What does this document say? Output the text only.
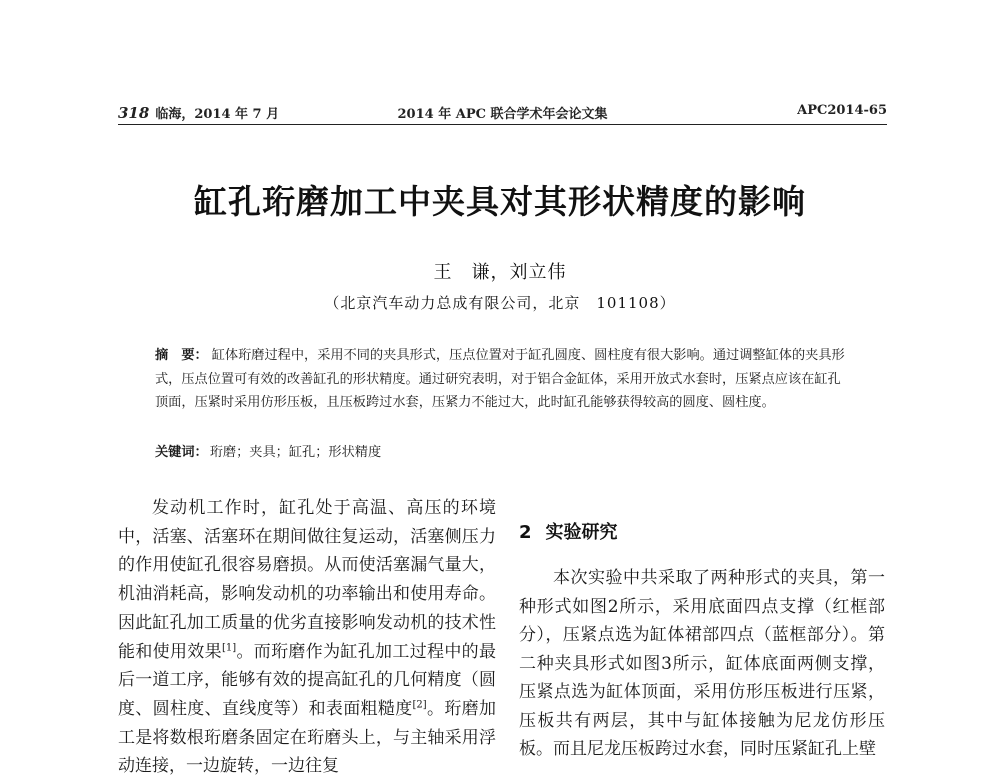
318 临海，2014 年 7 月	2014 年 APC 联合学术年会论文集	APC2014-65
缸孔珩磨加工中夹具对其形状精度的影响
王　谦，刘立伟
（北京汽车动力总成有限公司，北京　101108）
摘　要： 缸体珩磨过程中，采用不同的夹具形式，压点位置对于缸孔圆度、圆柱度有很大影响。通过调整缸体的夹具形式，压点位置可有效的改善缸孔的形状精度。通过研究表明，对于铝合金缸体，采用开放式水套时，压紧点应该在缸孔顶面，压紧时采用仿形压板，且压板跨过水套，压紧力不能过大，此时缸孔能够获得较高的圆度、圆柱度。
关键词： 珩磨；夹具；缸孔；形状精度
发动机工作时，缸孔处于高温、高压的环境中，活塞、活塞环在期间做往复运动，活塞侧压力的作用使缸孔很容易磨损。从而使活塞漏气量大，机油消耗高，影响发动机的功率输出和使用寿命。因此缸孔加工质量的优劣直接影响发动机的技术性能和使用效果[1]。而珩磨作为缸孔加工过程中的最后一道工序，能够有效的提高缸孔的几何精度（圆度、圆柱度、直线度等）和表面粗糙度[2]。珩磨加工是将数根珩磨条固定在珩磨头上，与主轴采用浮动连接，一边旋转，一边往复
2 实验研究
本次实验中共采取了两种形式的夹具，第一种形式如图2所示，采用底面四点支撑（红框部分），压紧点选为缸体裙部四点（蓝框部分）。第二种夹具形式如图3所示，缸体底面两侧支撑，压紧点选为缸体顶面，采用仿形压板进行压紧，压板共有两层，其中与缸体接触为尼龙仿形压板。而且尼龙压板跨过水套，同时压紧缸孔上壁
